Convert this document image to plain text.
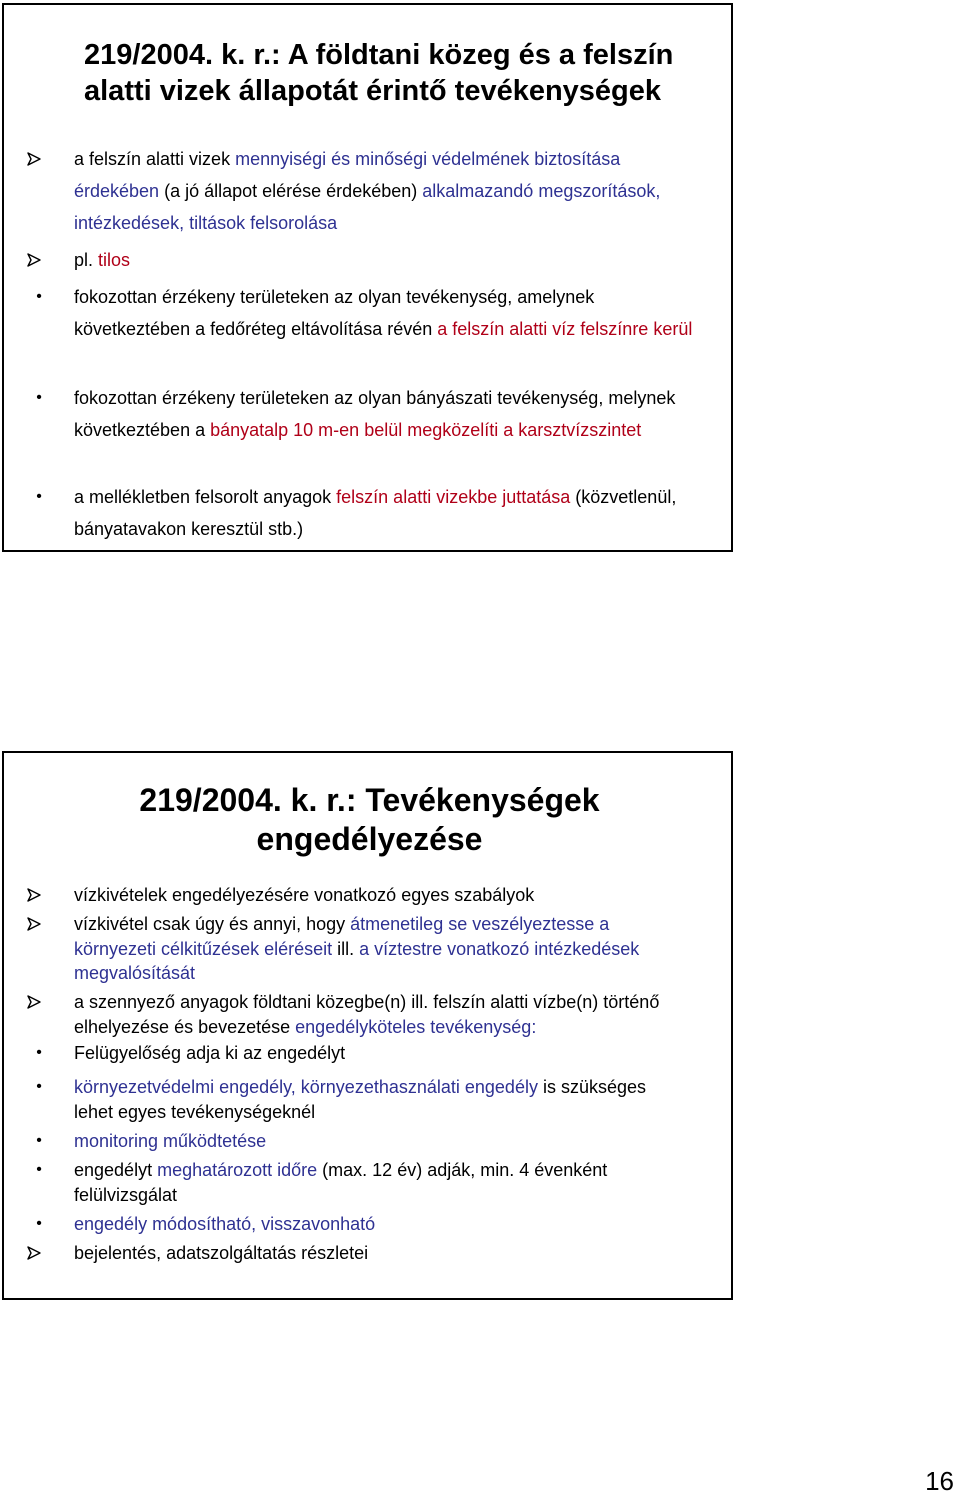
219/2004. k. r.: A földtani közeg és a felszín
alatti vizek állapotát érintő tevékenységek
a felszín alatti vizek mennyiségi és minőségi védelmének biztosítása érdekében (a jó állapot elérése érdekében) alkalmazandó megszorítások, intézkedések, tiltások felsorolása
pl. tilos
•	fokozottan érzékeny területeken az olyan tevékenység, amelynek következtében a fedőréteg eltávolítása révén a felszín alatti víz felszínre kerül
•	fokozottan érzékeny területeken az olyan bányászati tevékenység, melynek következtében a bányatalp 10 m-en belül megközelíti a karsztvízszintet
•	a mellékletben felsorolt anyagok felszín alatti vizekbe juttatása (közvetlenül, bányatavakon keresztül stb.)
219/2004. k. r.: Tevékenységek
engedélyezése
vízkivételek engedélyezésére vonatkozó egyes szabályok
vízkivétel csak úgy és annyi, hogy átmenetileg se veszélyeztesse a környezeti célkitűzések eléréseit ill. a víztestre vonatkozó intézkedések megvalósítását
a szennyező anyagok földtani közegbe(n) ill. felszín alatti vízbe(n) történő elhelyezése és bevezetése engedélyköteles tevékenység:
•	Felügyelőség adja ki az engedélyt
•	környezetvédelmi engedély, környezethasználati engedély is szükséges lehet egyes tevékenységeknél
•	monitoring működtetése
•	engedélyt meghatározott időre (max. 12 év) adják, min. 4 évenként felülvizsgálat
•	engedély módosítható, visszavonható
bejelentés, adatszolgáltatás részletei
16
